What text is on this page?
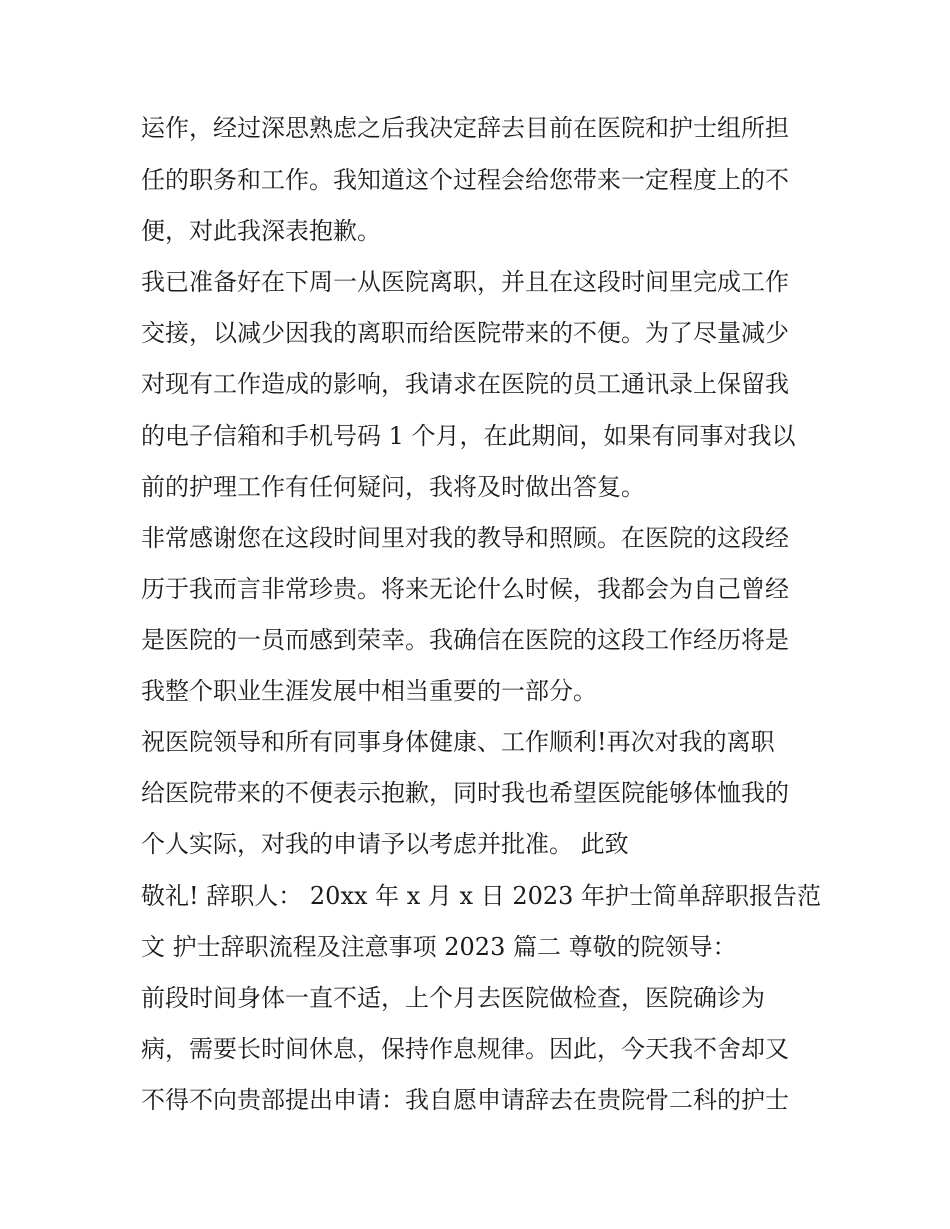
运作，经过深思熟虑之后我决定辞去目前在医院和护士组所担

任的职务和工作。我知道这个过程会给您带来一定程度上的不

便，对此我深表抱歉。

我已准备好在下周一从医院离职，并且在这段时间里完成工作

交接，以减少因我的离职而给医院带来的不便。为了尽量减少

对现有工作造成的影响，我请求在医院的员工通讯录上保留我

的电子信箱和手机号码 1 个月，在此期间，如果有同事对我以

前的护理工作有任何疑问，我将及时做出答复。

非常感谢您在这段时间里对我的教导和照顾。在医院的这段经

历于我而言非常珍贵。将来无论什么时候，我都会为自己曾经

是医院的一员而感到荣幸。我确信在医院的这段工作经历将是

我整个职业生涯发展中相当重要的一部分。

祝医院领导和所有同事身体健康、工作顺利!再次对我的离职

给医院带来的不便表示抱歉，同时我也希望医院能够体恤我的

个人实际，对我的申请予以考虑并批准。 此致

敬礼! 辞职人： 20xx 年 x 月 x 日 2023 年护士简单辞职报告范

文 护士辞职流程及注意事项 2023 篇二 尊敬的院领导：

前段时间身体一直不适，上个月去医院做检查，医院确诊为

病，需要长时间休息，保持作息规律。因此，今天我不舍却又

不得不向贵部提出申请：我自愿申请辞去在贵院骨二科的护士
